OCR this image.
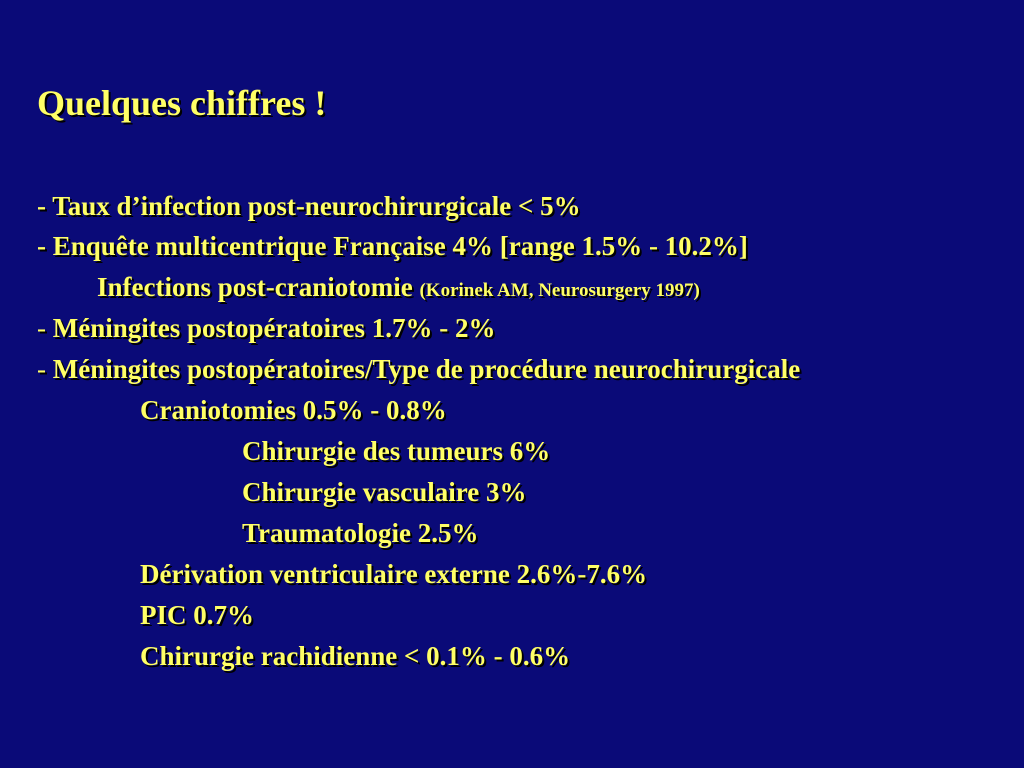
Quelques chiffres !
- Taux d’infection post-neurochirurgicale < 5%
- Enquête multicentrique Française 4% [range 1.5% - 10.2%]
Infections post-craniotomie (Korinek AM, Neurosurgery 1997)
- Méningites postopératoires 1.7% - 2%
- Méningites postopératoires/Type de procédure neurochirurgicale
Craniotomies 0.5% - 0.8%
Chirurgie des tumeurs 6%
Chirurgie vasculaire 3%
Traumatologie 2.5%
Dérivation ventriculaire externe 2.6%-7.6%
PIC 0.7%
Chirurgie rachidienne < 0.1% - 0.6%
